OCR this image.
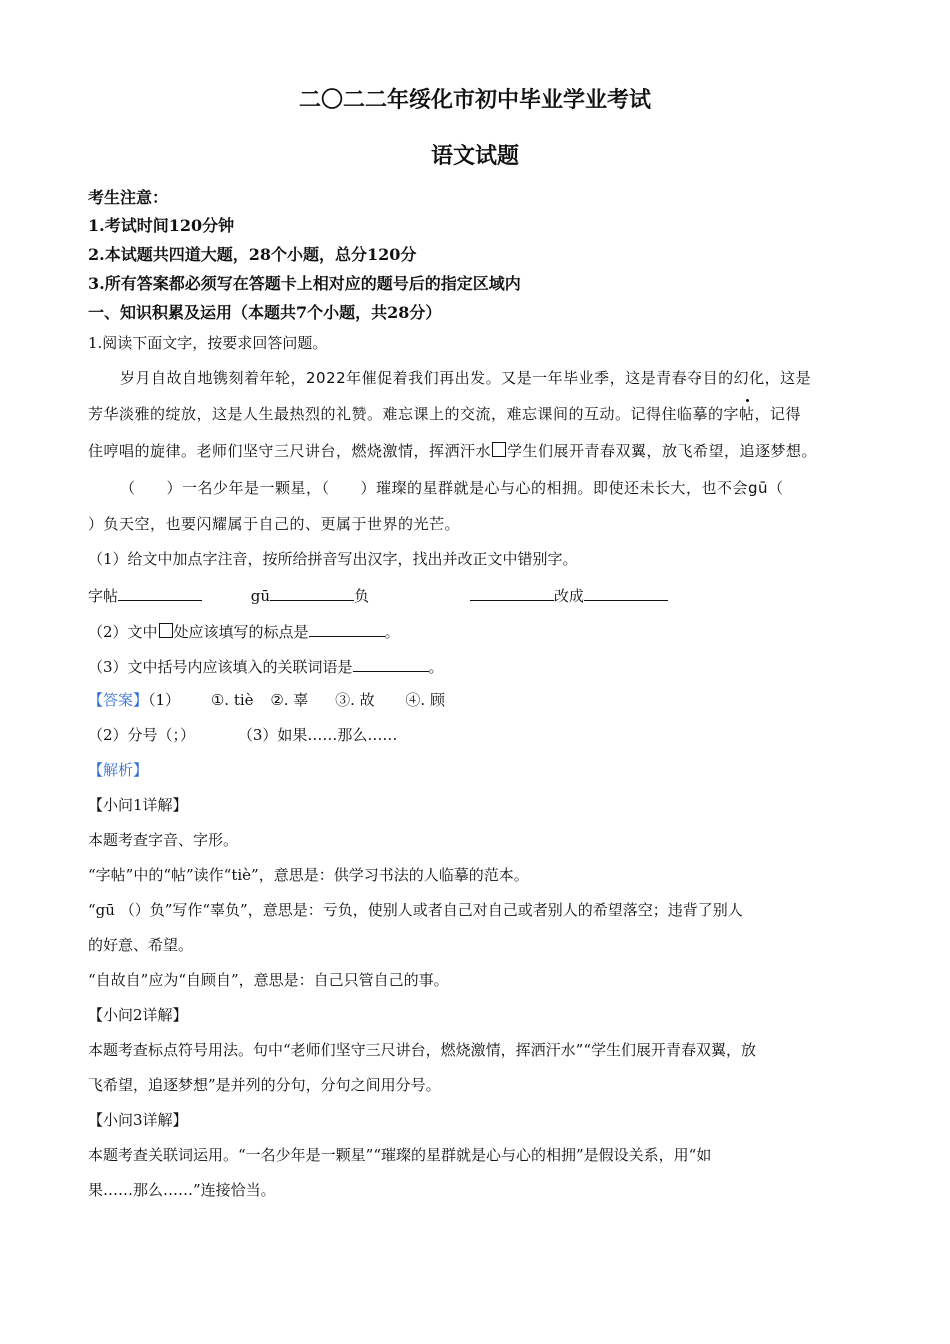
二〇二二年绥化市初中毕业学业考试
语文试题
考生注意：
1.考试时间120分钟
2.本试题共四道大题，28个小题，总分120分
3.所有答案都必须写在答题卡上相对应的题号后的指定区域内
一、知识积累及运用（本题共7个小题，共28分）
1.阅读下面文字，按要求回答问题。
岁月自故自地镌刻着年轮，2022年催促着我们再出发。又是一年毕业季，这是青春夺目的幻化，这是
芳华淡雅的绽放，这是人生最热烈的礼赞。难忘课上的交流，难忘课间的互动。记得住临摹的字帖，记得
住哼唱的旋律。老师们坚守三尺讲台，燃烧激情，挥洒汗水 学生们展开青春双翼，放飞希望，追逐梦想。
（　　）一名少年是一颗星，（　　）璀璨的星群就是心与心的相拥。即使还未长大，也不会gū（
）负天空，也要闪耀属于自己的、更属于世界的光芒。
（1）给文中加点字注音，按所给拼音写出汉字，找出并改正文中错别字。
字帖	gū	负	改成
（2）文中 处应该填写的标点是	。
（3）文中括号内应该填入的关联词语是	。
【答案】（1） ①. tiè ②. 辜 ③. 故 ④. 顾
（2）分号（；）	（3）如果……那么……
【解析】
【小问1详解】
本题考查字音、字形。
“字帖”中的“帖”读作“tiè”，意思是：供学习书法的人临摹的范本。
“gū （）负”写作“辜负”，意思是：亏负，使别人或者自己对自己或者别人的希望落空；违背了别人
的好意、希望。
“自故自”应为“自顾自”，意思是：自己只管自己的事。
【小问2详解】
本题考查标点符号用法。句中“老师们坚守三尺讲台，燃烧激情，挥洒汗水”“学生们展开青春双翼，放
飞希望，追逐梦想”是并列的分句，分句之间用分号。
【小问3详解】
本题考查关联词运用。“一名少年是一颗星”“璀璨的星群就是心与心的相拥”是假设关系，用“如
果……那么……”连接恰当。
